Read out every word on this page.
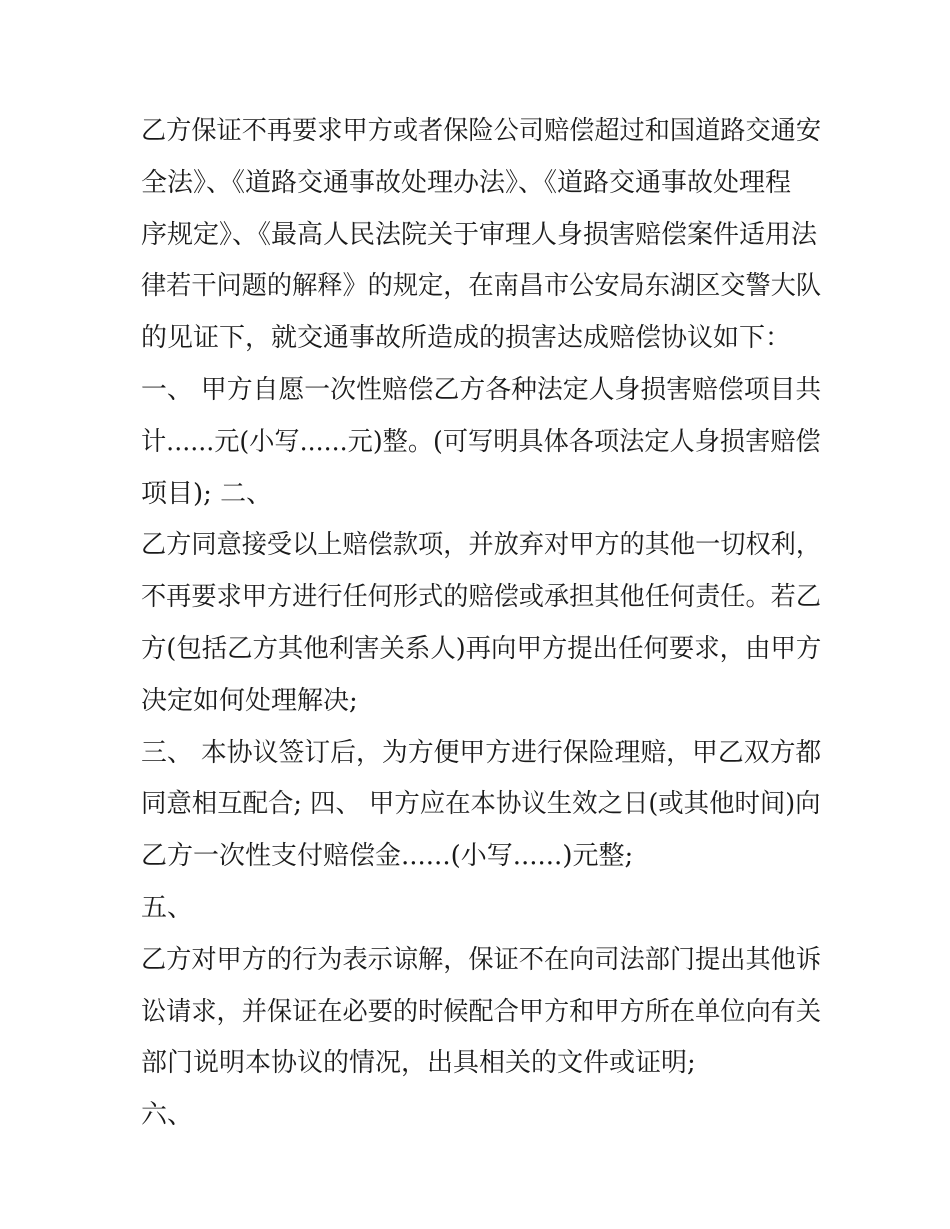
乙方保证不再要求甲方或者保险公司赔偿超过和国道路交通安
全法》、《道路交通事故处理办法》、《道路交通事故处理程
序规定》、《最高人民法院关于审理人身损害赔偿案件适用法
律若干问题的解释》的规定，在南昌市公安局东湖区交警大队
的见证下，就交通事故所造成的损害达成赔偿协议如下：
一、 甲方自愿一次性赔偿乙方各种法定人身损害赔偿项目共
计......元(小写......元)整。(可写明具体各项法定人身损害赔偿
项目); 二、
乙方同意接受以上赔偿款项，并放弃对甲方的其他一切权利，
不再要求甲方进行任何形式的赔偿或承担其他任何责任。若乙
方(包括乙方其他利害关系人)再向甲方提出任何要求，由甲方
决定如何处理解决;
三、 本协议签订后，为方便甲方进行保险理赔，甲乙双方都
同意相互配合; 四、 甲方应在本协议生效之日(或其他时间)向
乙方一次性支付赔偿金......(小写......)元整;
五、
乙方对甲方的行为表示谅解，保证不在向司法部门提出其他诉
讼请求，并保证在必要的时候配合甲方和甲方所在单位向有关
部门说明本协议的情况，出具相关的文件或证明;
六、
